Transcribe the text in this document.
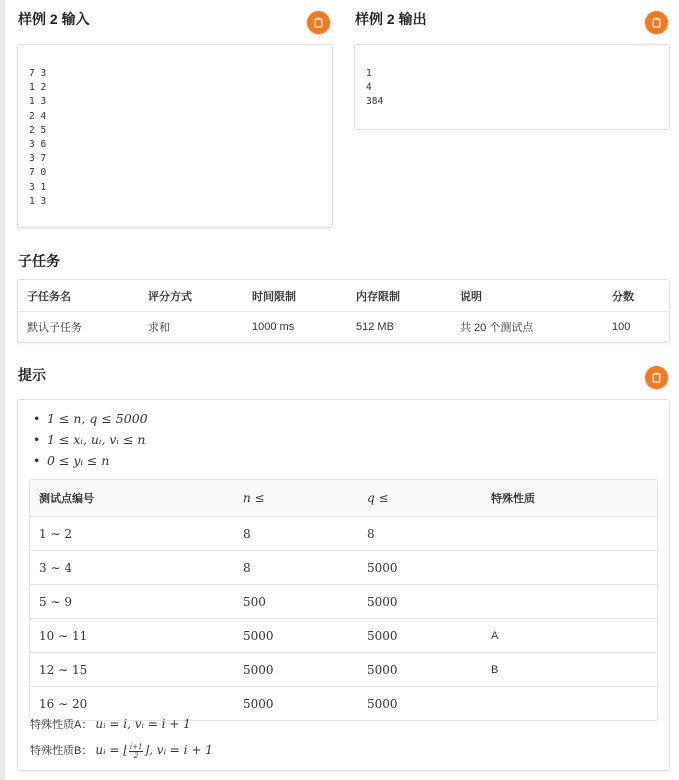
样例 2 输入
7 3
1 2
1 3
2 4
2 5
3 6
3 7
7 0
3 1
1 3
样例 2 输出
1
4
384
子任务
子任务名	评分方式	时间限制	内存限制	说明	分数
默认子任务	求和	1000 ms	512 MB	共 20 个测试点	100
提示
• 1 ≤ n, q ≤ 5000
• 1 ≤ xᵢ, uᵢ, vᵢ ≤ n
• 0 ≤ yᵢ ≤ n
测试点编号	n ≤	q ≤	特殊性质
1 ∼ 2	8	8	
3 ∼ 4	8	5000	
5 ∼ 9	500	5000	
10 ∼ 11	5000	5000	A
12 ∼ 15	5000	5000	B
16 ∼ 20	5000	5000	
特殊性质A： uᵢ = i, vᵢ = i + 1
特殊性质B： uᵢ = ⌊ $\frac{i+1}{2}$ ⌋, vᵢ = i + 1
